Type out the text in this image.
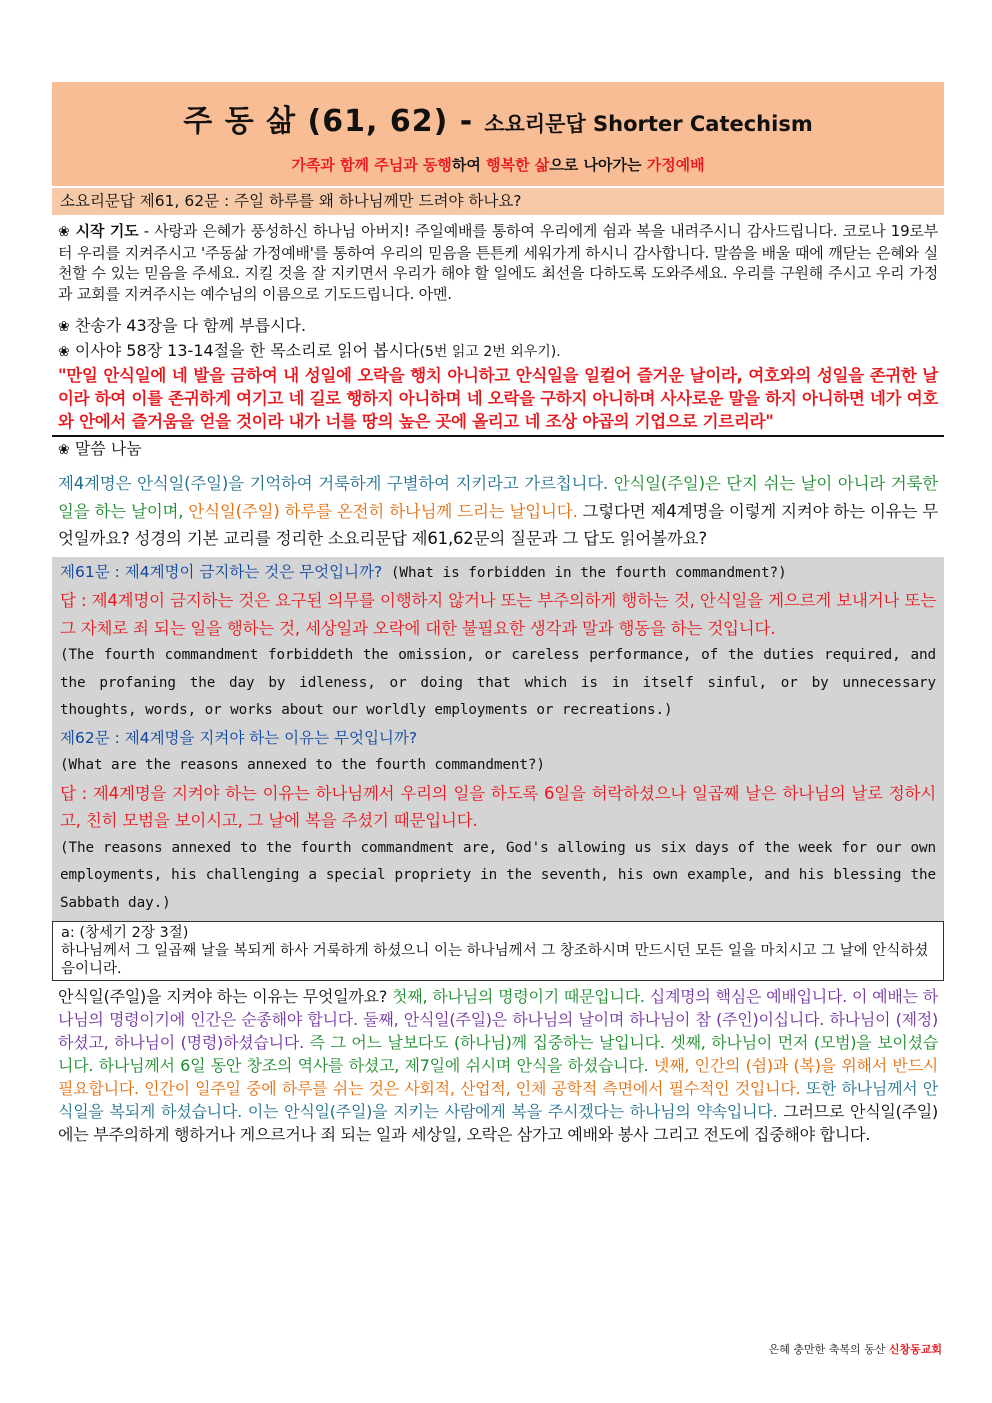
주 동 삶 (61, 62) - 소요리문답 Shorter Catechism
가족과 함께 주님과 동행하여 행복한 삶으로 나아가는 가정예배
소요리문답 제61, 62문 : 주일 하루를 왜 하나님께만 드려야 하나요?
❀ 시작 기도 - 사랑과 은혜가 풍성하신 하나님 아버지! 주일예배를 통하여 우리에게 쉼과 복을 내려주시니 감사드립니다. 코로나 19로부터 우리를 지켜주시고 '주동삶 가정예배'를 통하여 우리의 믿음을 튼튼케 세워가게 하시니 감사합니다. 말씀을 배울 때에 깨닫는 은혜와 실천할 수 있는 믿음을 주세요. 지킬 것을 잘 지키면서 우리가 해야 할 일에도 최선을 다하도록 도와주세요. 우리를 구원해 주시고 우리 가정과 교회를 지켜주시는 예수님의 이름으로 기도드립니다. 아멘.
❀ 찬송가 43장을 다 함께 부릅시다.
❀ 이사야 58장 13-14절을 한 목소리로 읽어 봅시다(5번 읽고 2번 외우기).
"만일 안식일에 네 발을 금하여 내 성일에 오락을 행치 아니하고 안식일을 일컬어 즐거운 날이라, 여호와의 성일을 존귀한 날이라 하여 이를 존귀하게 여기고 네 길로 행하지 아니하며 네 오락을 구하지 아니하며 사사로운 말을 하지 아니하면 네가 여호와 안에서 즐거움을 얻을 것이라 내가 너를 땅의 높은 곳에 올리고 네 조상 야곱의 기업으로 기르리라"
❀ 말씀 나눔
제4계명은 안식일(주일)을 기억하여 거룩하게 구별하여 지키라고 가르칩니다. 안식일(주일)은 단지 쉬는 날이 아니라 거룩한 일을 하는 날이며, 안식일(주일) 하루를 온전히 하나님께 드리는 날입니다. 그렇다면 제4계명을 이렇게 지켜야 하는 이유는 무엇일까요? 성경의 기본 교리를 정리한 소요리문답 제61,62문의 질문과 그 답도 읽어볼까요?
제61문 : 제4계명이 금지하는 것은 무엇입니까? (What is forbidden in the fourth commandment?)
답 : 제4계명이 금지하는 것은 요구된 의무를 이행하지 않거나 또는 부주의하게 행하는 것, 안식일을 게으르게 보내거나 또는 그 자체로 죄 되는 일을 행하는 것, 세상일과 오락에 대한 불필요한 생각과 말과 행동을 하는 것입니다.
(The fourth commandment forbiddeth the omission, or careless performance, of the duties required, and the profaning the day by idleness, or doing that which is in itself sinful, or by unnecessary thoughts, words, or works about our worldly employments or recreations.)
제62문 : 제4계명을 지켜야 하는 이유는 무엇입니까?
(What are the reasons annexed to the fourth commandment?)
답 : 제4계명을 지켜야 하는 이유는 하나님께서 우리의 일을 하도록 6일을 허락하셨으나 일곱째 날은 하나님의 날로 정하시고, 친히 모범을 보이시고, 그 날에 복을 주셨기 때문입니다.
(The reasons annexed to the fourth commandment are, God's allowing us six days of the week for our own employments, his challenging a special propriety in the seventh, his own example, and his blessing the Sabbath day.)
a: (창세기 2장 3절)
하나님께서 그 일곱째 날을 복되게 하사 거룩하게 하셨으니 이는 하나님께서 그 창조하시며 만드시던 모든 일을 마치시고 그 날에 안식하셨음이니라.
안식일(주일)을 지켜야 하는 이유는 무엇일까요? 첫째, 하나님의 명령이기 때문입니다. 십계명의 핵심은 예배입니다. 이 예배는 하나님의 명령이기에 인간은 순종해야 합니다. 둘째, 안식일(주일)은 하나님의 날이며 하나님이 참 (주인)이십니다. 하나님이 (제정)하셨고, 하나님이 (명령)하셨습니다. 즉 그 어느 날보다도 (하나님)께 집중하는 날입니다. 셋째, 하나님이 먼저 (모범)을 보이셨습니다. 하나님께서 6일 동안 창조의 역사를 하셨고, 제7일에 쉬시며 안식을 하셨습니다. 넷째, 인간의 (쉼)과 (복)을 위해서 반드시 필요합니다. 인간이 일주일 중에 하루를 쉬는 것은 사회적, 산업적, 인체 공학적 측면에서 필수적인 것입니다. 또한 하나님께서 안식일을 복되게 하셨습니다. 이는 안식일(주일)을 지키는 사람에게 복을 주시겠다는 하나님의 약속입니다. 그러므로 안식일(주일)에는 부주의하게 행하거나 게으르거나 죄 되는 일과 세상일, 오락은 삼가고 예배와 봉사 그리고 전도에 집중해야 합니다.
은혜 충만한 축복의 동산 신창동교회
